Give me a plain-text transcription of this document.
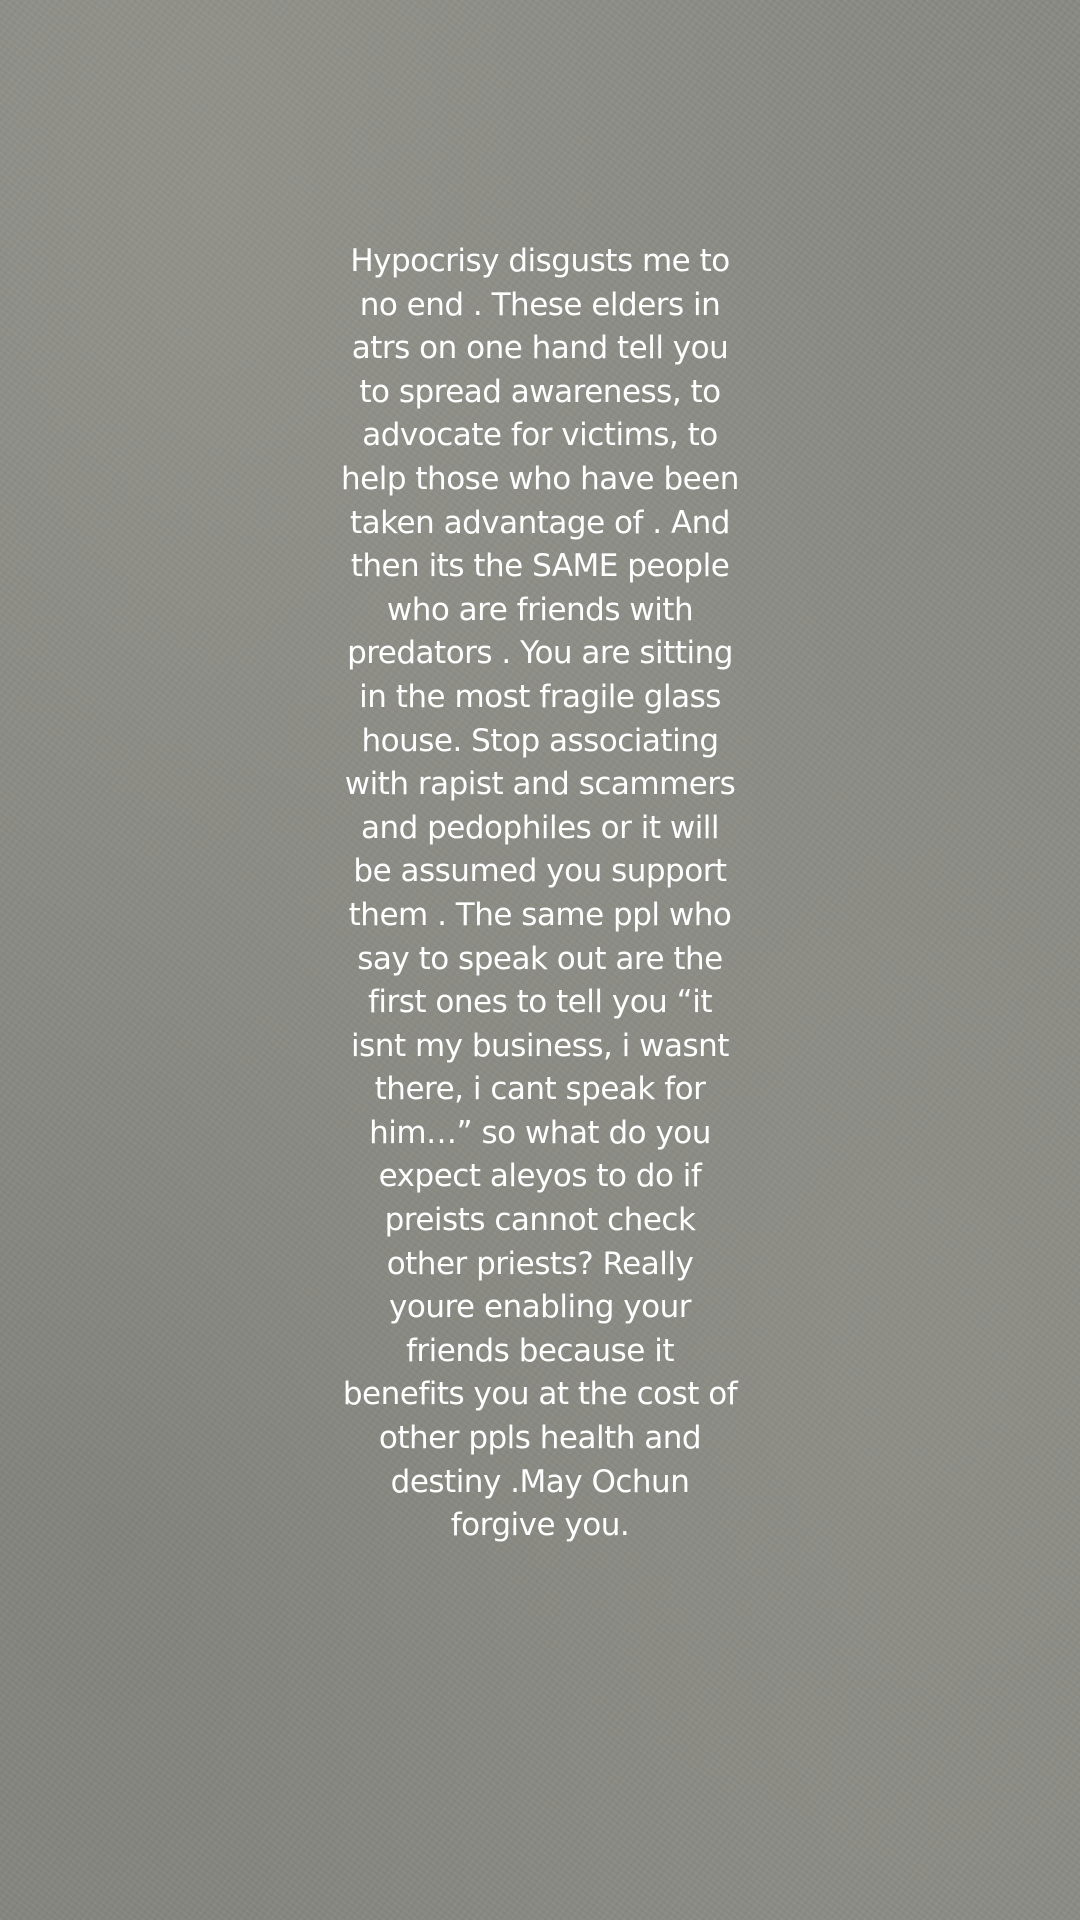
Hypocrisy disgusts me to
no end . These elders in
atrs on one hand tell you
to spread awareness, to
advocate for victims, to
help those who have been
taken advantage of . And
then its the SAME people
who are friends with
predators . You are sitting
in the most fragile glass
house. Stop associating
with rapist and scammers
and pedophiles or it will
be assumed you support
them . The same ppl who
say to speak out are the
first ones to tell you “it
isnt my business, i wasnt
there, i cant speak for
him…” so what do you
expect aleyos to do if
preists cannot check
other priests? Really
youre enabling your
friends because it
benefits you at the cost of
other ppls health and
destiny .May Ochun
forgive you.
